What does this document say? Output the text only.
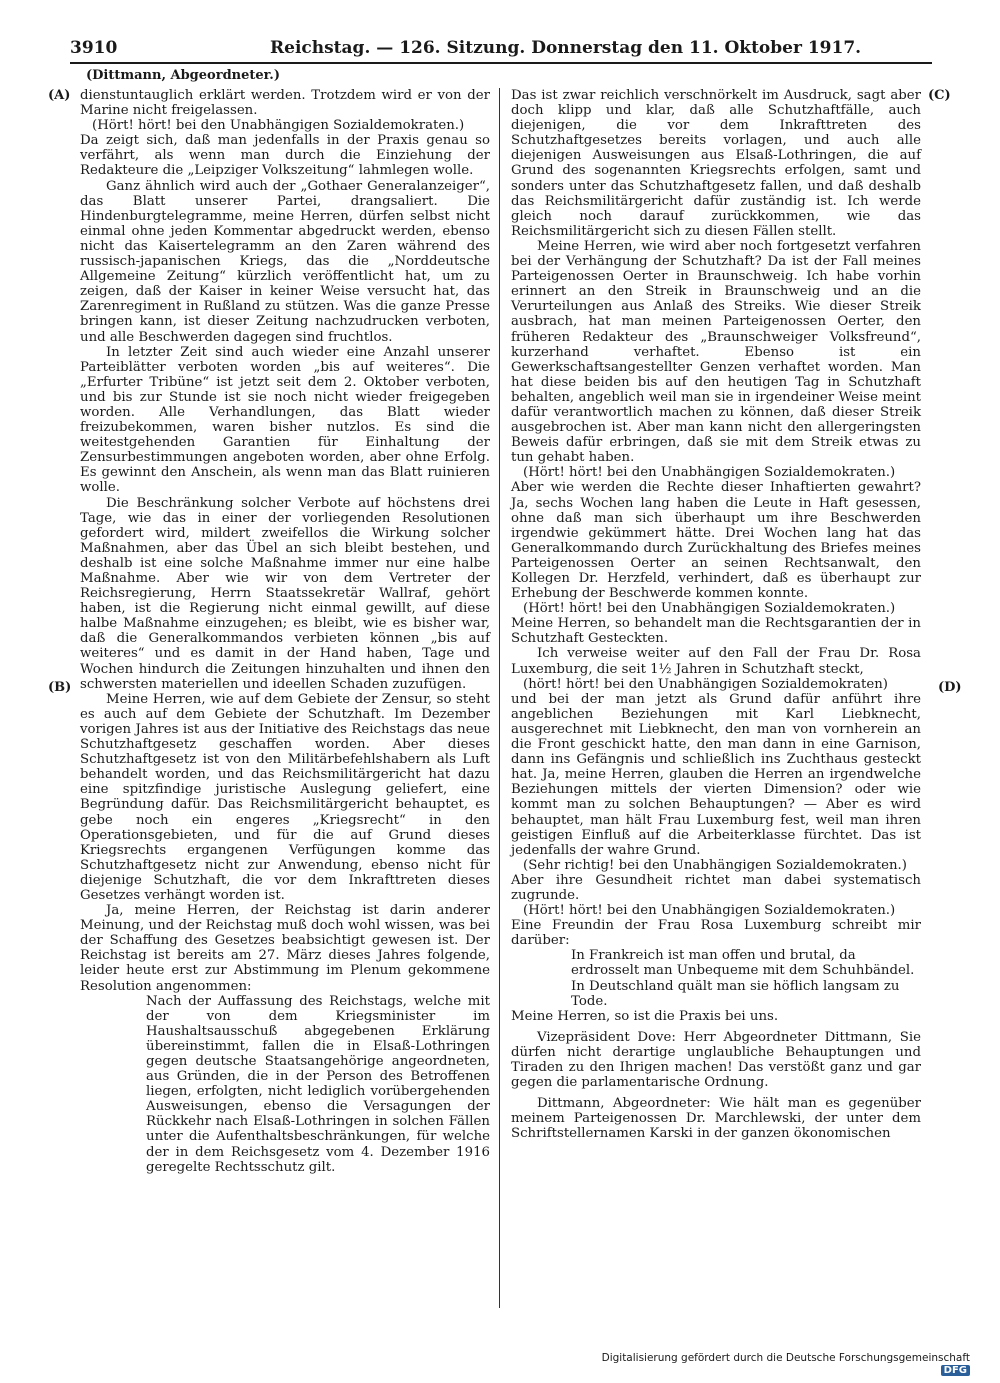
3910	Reichstag. — 126. Sitzung. Donnerstag den 11. Oktober 1917.
(Dittmann, Abgeordneter.)
(A)
(B)
(C)
(D)

dienstuntauglich erklärt werden. Trotzdem wird er von der Marine nicht freigelassen.

(Hört! hört! bei den Unabhängigen Sozialdemokraten.)

Da zeigt sich, daß man jedenfalls in der Praxis genau so verfährt, als wenn man durch die Einziehung der Redakteure die „Leipziger Volkszeitung“ lahmlegen wolle.

Ganz ähnlich wird auch der „Gothaer Generalanzeiger“, das Blatt unserer Partei, drangsaliert. Die Hindenburgtelegramme, meine Herren, dürfen selbst nicht einmal ohne jeden Kommentar abgedruckt werden, ebenso nicht das Kaisertelegramm an den Zaren während des russisch-japanischen Kriegs, das die „Norddeutsche Allgemeine Zeitung“ kürzlich veröffentlicht hat, um zu zeigen, daß der Kaiser in keiner Weise versucht hat, das Zarenregiment in Rußland zu stützen. Was die ganze Presse bringen kann, ist dieser Zeitung nachzudrucken verboten, und alle Beschwerden dagegen sind fruchtlos.

In letzter Zeit sind auch wieder eine Anzahl unserer Parteiblätter verboten worden „bis auf weiteres“. Die „Erfurter Tribüne“ ist jetzt seit dem 2. Oktober verboten, und bis zur Stunde ist sie noch nicht wieder freigegeben worden. Alle Verhandlungen, das Blatt wieder freizubekommen, waren bisher nutzlos. Es sind die weitestgehenden Garantien für Einhaltung der Zensurbestimmungen angeboten worden, aber ohne Erfolg. Es gewinnt den Anschein, als wenn man das Blatt ruinieren wolle.

Die Beschränkung solcher Verbote auf höchstens drei Tage, wie das in einer der vorliegenden Resolutionen gefordert wird, mildert zweifellos die Wirkung solcher Maßnahmen, aber das Übel an sich bleibt bestehen, und deshalb ist eine solche Maßnahme immer nur eine halbe Maßnahme. Aber wie wir von dem Vertreter der Reichsregierung, Herrn Staatssekretär Wallraf, gehört haben, ist die Regierung nicht einmal gewillt, auf diese halbe Maßnahme einzugehen; es bleibt, wie es bisher war, daß die Generalkommandos verbieten können „bis auf weiteres“ und es damit in der Hand haben, Tage und Wochen hindurch die Zeitungen hinzuhalten und ihnen den schwersten materiellen und ideellen Schaden zuzufügen.

Meine Herren, wie auf dem Gebiete der Zensur, so steht es auch auf dem Gebiete der Schutzhaft. Im Dezember vorigen Jahres ist aus der Initiative des Reichstags das neue Schutzhaftgesetz geschaffen worden. Aber dieses Schutzhaftgesetz ist von den Militärbefehlshabern als Luft behandelt worden, und das Reichsmilitärgericht hat dazu eine spitzfindige juristische Auslegung geliefert, eine Begründung dafür. Das Reichsmilitärgericht behauptet, es gebe noch ein engeres „Kriegsrecht“ in den Operationsgebieten, und für die auf Grund dieses Kriegsrechts ergangenen Verfügungen komme das Schutzhaftgesetz nicht zur Anwendung, ebenso nicht für diejenige Schutzhaft, die vor dem Inkrafttreten dieses Gesetzes verhängt worden ist.

Ja, meine Herren, der Reichstag ist darin anderer Meinung, und der Reichstag muß doch wohl wissen, was bei der Schaffung des Gesetzes beabsichtigt gewesen ist. Der Reichstag ist bereits am 27. März dieses Jahres folgende, leider heute erst zur Abstimmung im Plenum gekommene Resolution angenommen:

Nach der Auffassung des Reichstags, welche mit der von dem Kriegsminister im Haushaltsausschuß abgegebenen Erklärung übereinstimmt, fallen die in Elsaß-Lothringen gegen deutsche Staatsangehörige angeordneten, aus Gründen, die in der Person des Betroffenen liegen, erfolgten, nicht lediglich vorübergehenden Ausweisungen, ebenso die Versagungen der Rückkehr nach Elsaß-Lothringen in solchen Fällen unter die Aufenthaltsbeschränkungen, für welche der in dem Reichsgesetz vom 4. Dezember 1916 geregelte Rechtsschutz gilt.

Das ist zwar reichlich verschnörkelt im Ausdruck, sagt aber doch klipp und klar, daß alle Schutzhaftfälle, auch diejenigen, die vor dem Inkrafttreten des Schutzhaftgesetzes bereits vorlagen, und auch alle diejenigen Ausweisungen aus Elsaß-Lothringen, die auf Grund des sogenannten Kriegsrechts erfolgen, samt und sonders unter das Schutzhaftgesetz fallen, und daß deshalb das Reichsmilitärgericht dafür zuständig ist. Ich werde gleich noch darauf zurückkommen, wie das Reichsmilitärgericht sich zu diesen Fällen stellt.

Meine Herren, wie wird aber noch fortgesetzt verfahren bei der Verhängung der Schutzhaft? Da ist der Fall meines Parteigenossen Oerter in Braunschweig. Ich habe vorhin erinnert an den Streik in Braunschweig und an die Verurteilungen aus Anlaß des Streiks. Wie dieser Streik ausbrach, hat man meinen Parteigenossen Oerter, den früheren Redakteur des „Braunschweiger Volksfreund“, kurzerhand verhaftet. Ebenso ist ein Gewerkschaftsangestellter Genzen verhaftet worden. Man hat diese beiden bis auf den heutigen Tag in Schutzhaft behalten, angeblich weil man sie in irgendeiner Weise meint dafür verantwortlich machen zu können, daß dieser Streik ausgebrochen ist. Aber man kann nicht den allergeringsten Beweis dafür erbringen, daß sie mit dem Streik etwas zu tun gehabt haben.

(Hört! hört! bei den Unabhängigen Sozialdemokraten.)

Aber wie werden die Rechte dieser Inhaftierten gewahrt? Ja, sechs Wochen lang haben die Leute in Haft gesessen, ohne daß man sich überhaupt um ihre Beschwerden irgendwie gekümmert hätte. Drei Wochen lang hat das Generalkommando durch Zurückhaltung des Briefes meines Parteigenossen Oerter an seinen Rechtsanwalt, den Kollegen Dr. Herzfeld, verhindert, daß es überhaupt zur Erhebung der Beschwerde kommen konnte.

(Hört! hört! bei den Unabhängigen Sozialdemokraten.)

Meine Herren, so behandelt man die Rechtsgarantien der in Schutzhaft Gesteckten.

Ich verweise weiter auf den Fall der Frau Dr. Rosa Luxemburg, die seit 1½ Jahren in Schutzhaft steckt,

(hört! hört! bei den Unabhängigen Sozialdemokraten)

und bei der man jetzt als Grund dafür anführt ihre angeblichen Beziehungen mit Karl Liebknecht, ausgerechnet mit Liebknecht, den man von vornherein an die Front geschickt hatte, den man dann in eine Garnison, dann ins Gefängnis und schließlich ins Zuchthaus gesteckt hat. Ja, meine Herren, glauben die Herren an irgendwelche Beziehungen mittels der vierten Dimension? oder wie kommt man zu solchen Behauptungen? — Aber es wird behauptet, man hält Frau Luxemburg fest, weil man ihren geistigen Einfluß auf die Arbeiterklasse fürchtet. Das ist jedenfalls der wahre Grund.

(Sehr richtig! bei den Unabhängigen Sozialdemokraten.)

Aber ihre Gesundheit richtet man dabei systematisch zugrunde.

(Hört! hört! bei den Unabhängigen Sozialdemokraten.)

Eine Freundin der Frau Rosa Luxemburg schreibt mir darüber:

In Frankreich ist man offen und brutal, da erdrosselt man Unbequeme mit dem Schuhbändel. In Deutschland quält man sie höflich langsam zu Tode.

Meine Herren, so ist die Praxis bei uns.

Vizepräsident Dove: Herr Abgeordneter Dittmann, Sie dürfen nicht derartige unglaubliche Behauptungen und Tiraden zu den Ihrigen machen! Das verstößt ganz und gar gegen die parlamentarische Ordnung.

Dittmann, Abgeordneter: Wie hält man es gegenüber meinem Parteigenossen Dr. Marchlewski, der unter dem Schriftstellernamen Karski in der ganzen ökonomischen

Digitalisierung gefördert durch die Deutsche Forschungsgemeinschaft DFG
